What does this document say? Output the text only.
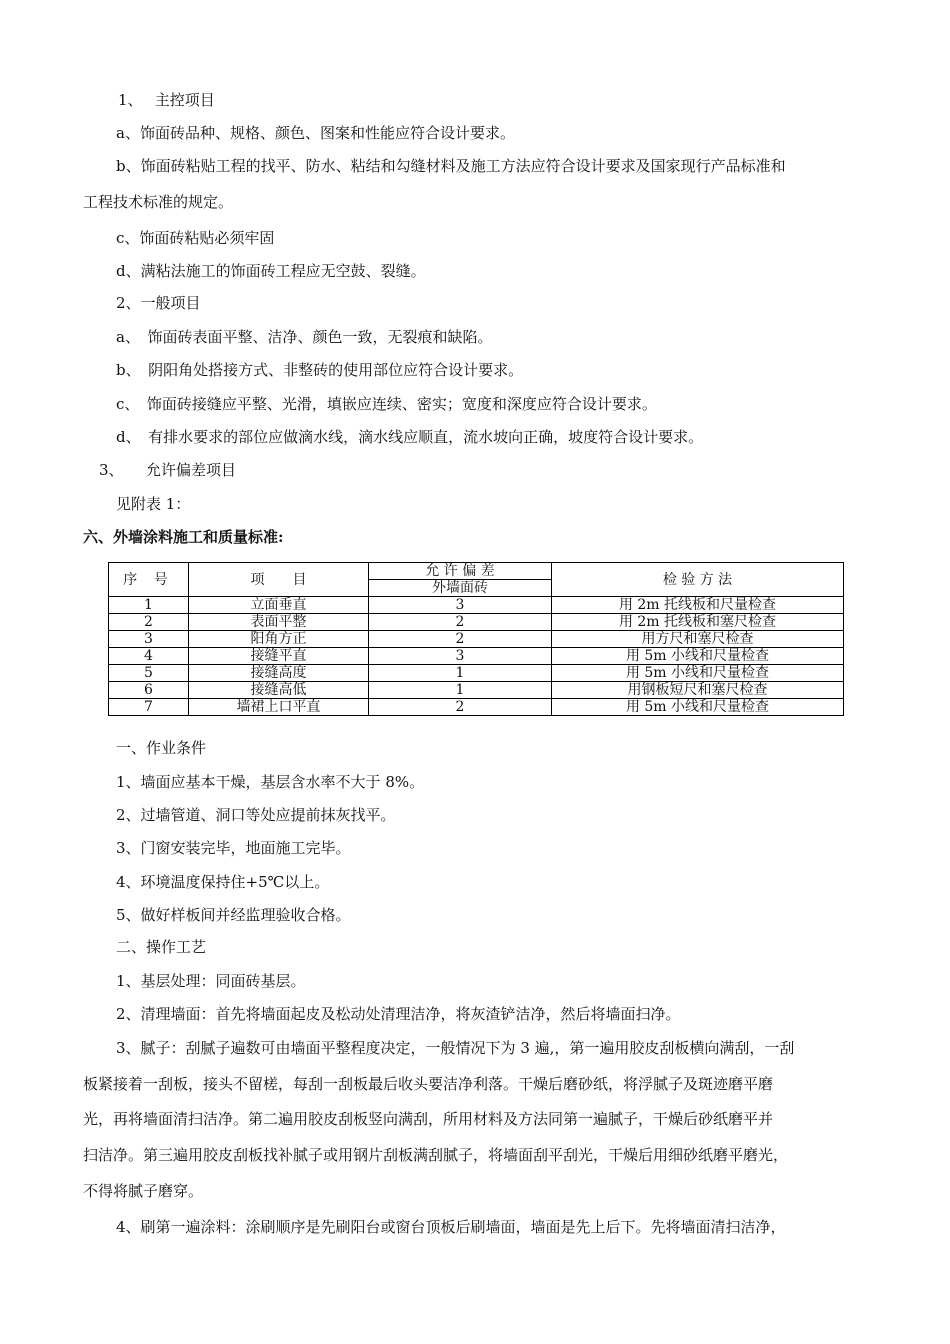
1、　 主控项目
a、饰面砖品种、规格、颜色、图案和性能应符合设计要求。
b、饰面砖粘贴工程的找平、防水、粘结和勾缝材料及施工方法应符合设计要求及国家现行产品标准和
工程技术标准的规定。
c、饰面砖粘贴必须牢固
d、满粘法施工的饰面砖工程应无空鼓、裂缝。
2、一般项目
a、　饰面砖表面平整、洁净、颜色一致，无裂痕和缺陷。
b、　阴阳角处搭接方式、非整砖的使用部位应符合设计要求。
c、　饰面砖接缝应平整、光滑，填嵌应连续、密实；宽度和深度应符合设计要求。
d、　有排水要求的部位应做滴水线，滴水线应顺直，流水坡向正确，坡度符合设计要求。
3、　　允许偏差项目
见附表 1：
六、外墙涂料施工和质量标准:
序 号	项　　目	允 许 偏 差	检 验 方 法
		外墙面砖	
1	立面垂直	3	用 2m 托线板和尺量检查
2	表面平整	2	用 2m 托线板和塞尺检查
3	阳角方正	2	用方尺和塞尺检查
4	接缝平直	3	用 5m 小线和尺量检查
5	接缝高度	1	用 5m 小线和尺量检查
6	接缝高低	1	用钢板短尺和塞尺检查
7	墙裙上口平直	2	用 5m 小线和尺量检查
一、作业条件
1、墙面应基本干燥，基层含水率不大于 8%。
2、过墙管道、洞口等处应提前抹灰找平。
3、门窗安装完毕，地面施工完毕。
4、环境温度保持住+5℃以上。
5、做好样板间并经监理验收合格。
二、操作工艺
1、基层处理：同面砖基层。
2、清理墙面：首先将墙面起皮及松动处清理洁净，将灰渣铲洁净，然后将墙面扫净。
3、腻子：刮腻子遍数可由墙面平整程度决定，一般情况下为 3 遍,，第一遍用胶皮刮板横向满刮，一刮
板紧接着一刮板，接头不留槎，每刮一刮板最后收头要洁净利落。干燥后磨砂纸，将浮腻子及斑迹磨平磨
光，再将墙面清扫洁净。第二遍用胶皮刮板竖向满刮，所用材料及方法同第一遍腻子，干燥后砂纸磨平并
扫洁净。第三遍用胶皮刮板找补腻子或用钢片刮板满刮腻子，将墙面刮平刮光，干燥后用细砂纸磨平磨光，
不得将腻子磨穿。
4、刷第一遍涂料：涂刷顺序是先刷阳台或窗台顶板后刷墙面，墙面是先上后下。先将墙面清扫洁净，
